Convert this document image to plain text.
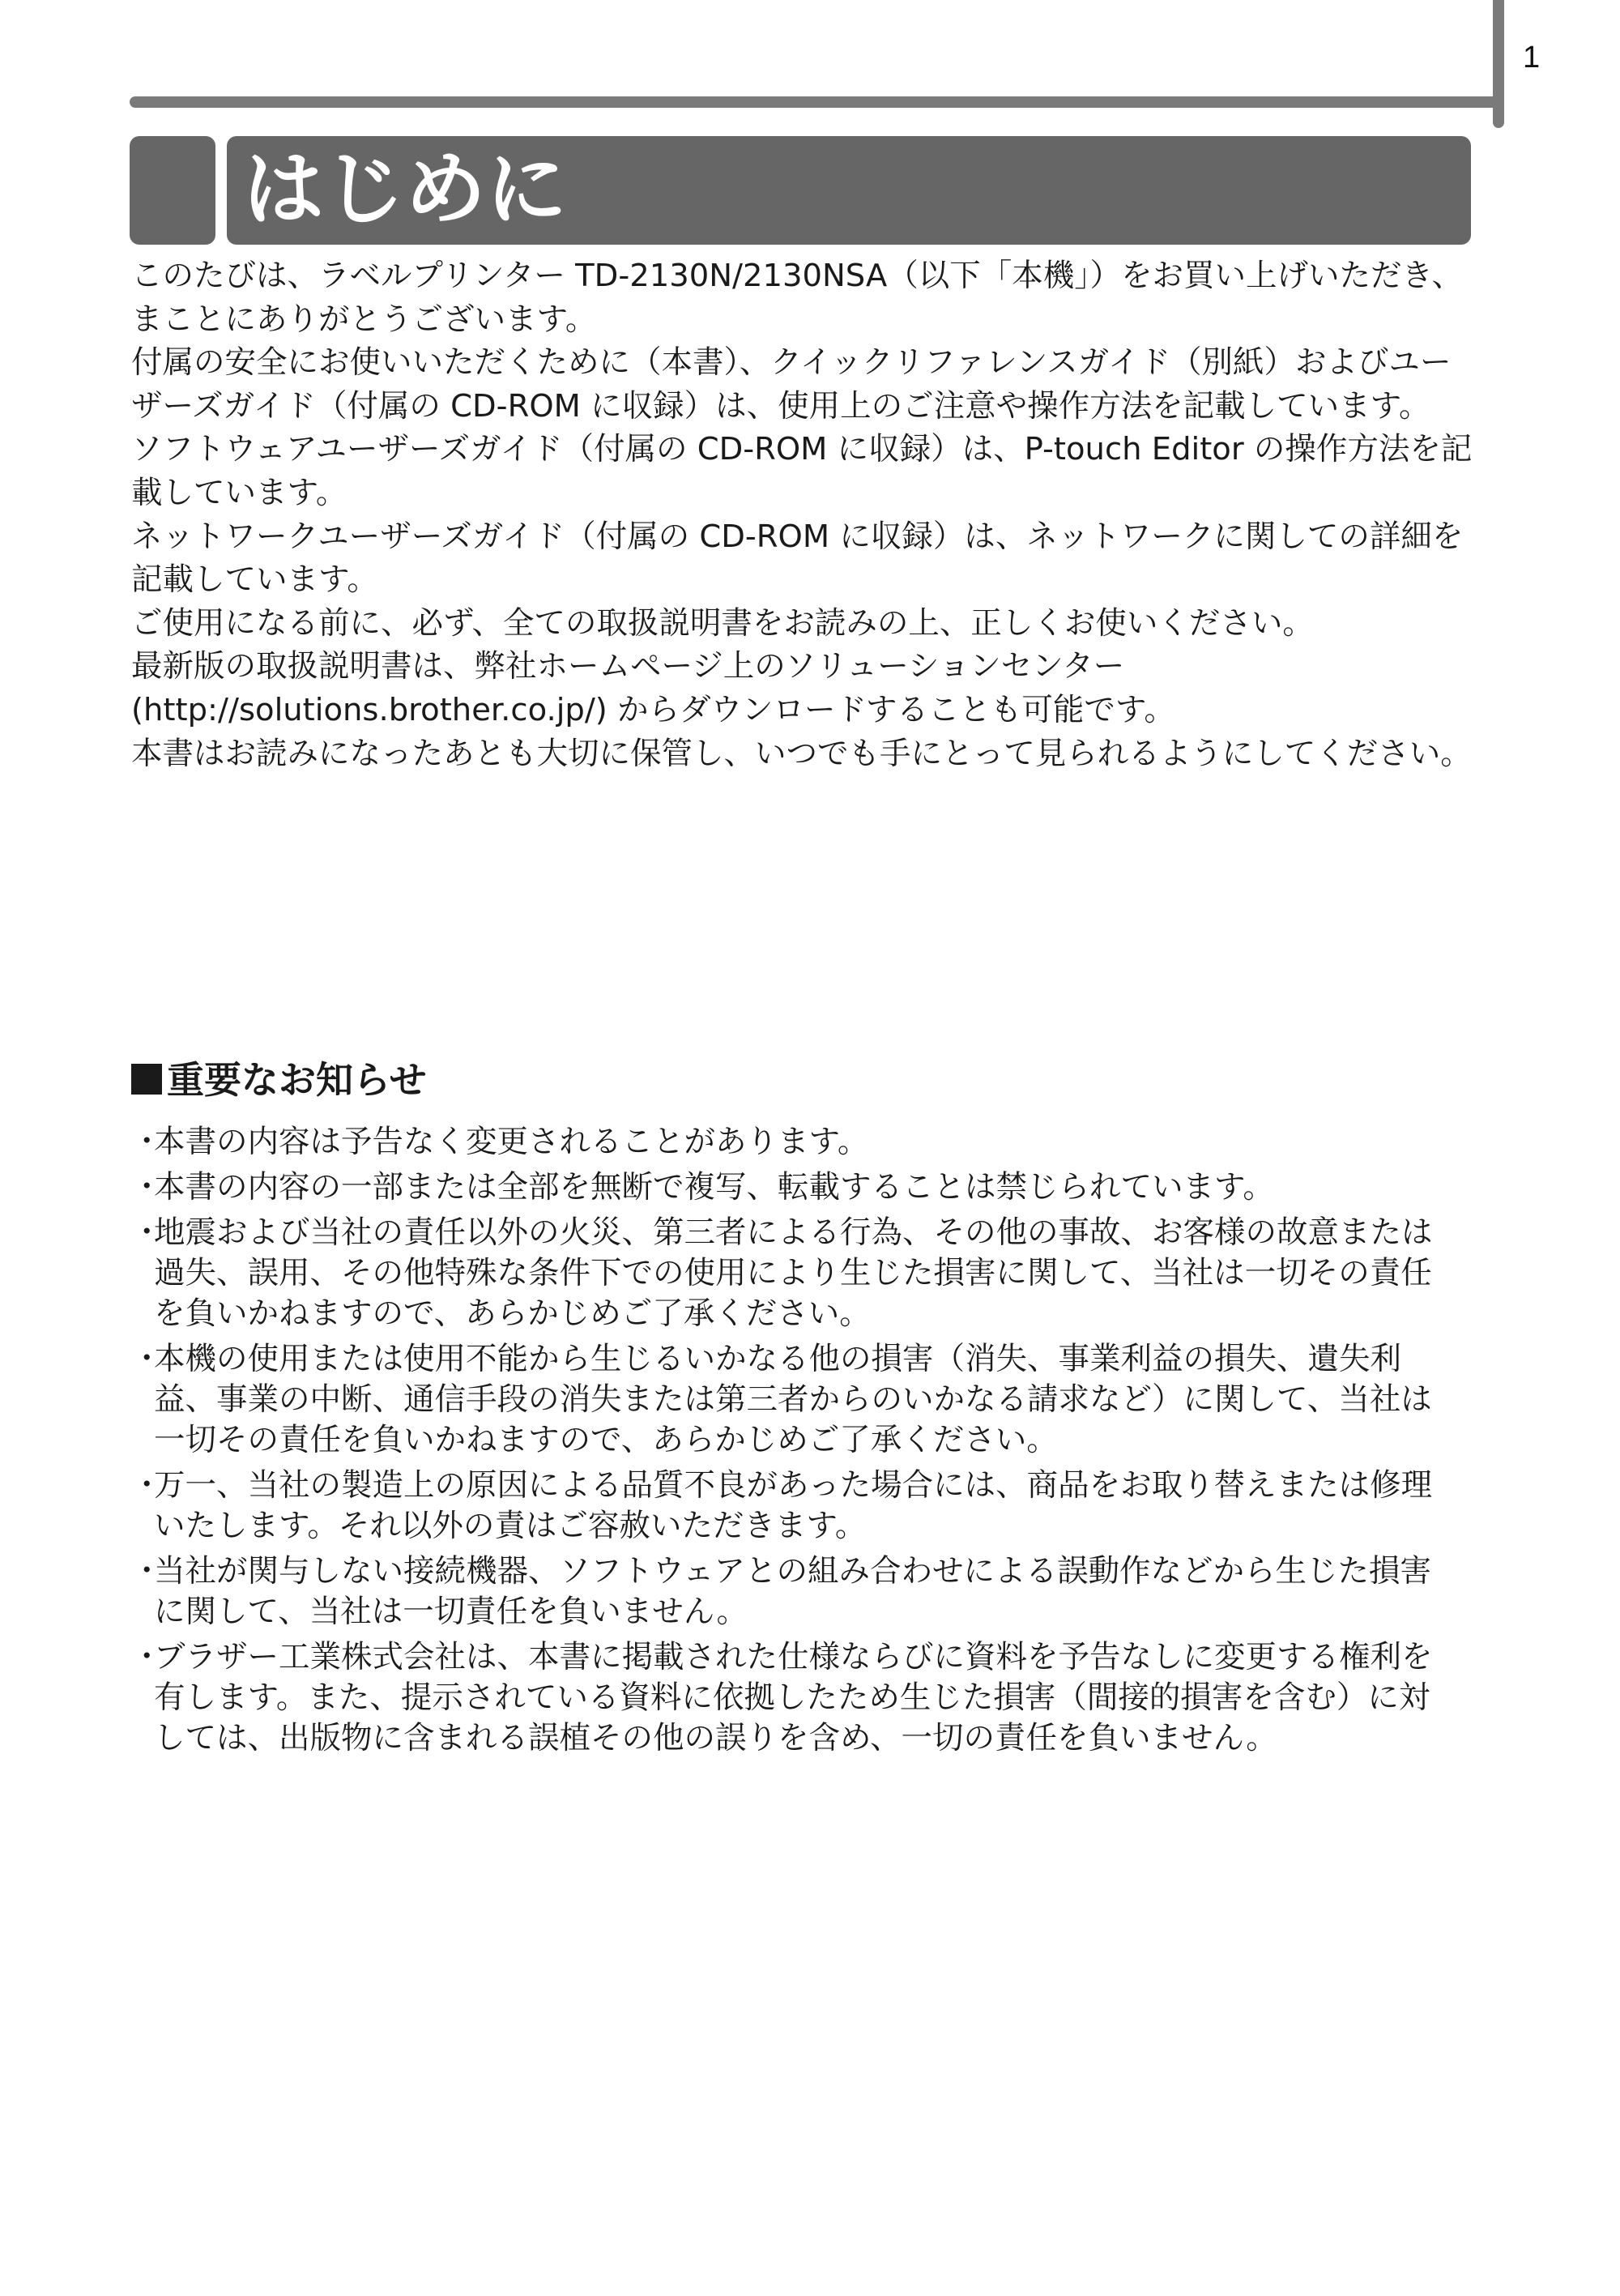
1
はじめに

このたびは、ラベルプリンター TD-2130N/2130NSA（以下「本機」）をお買い上げいただき、まことにありがとうございます。

付属の安全にお使いいただくために（本書）、クイックリファレンスガイド（別紙）およびユーザーズガイド（付属の CD-ROM に収録）は、使用上のご注意や操作方法を記載しています。

ソフトウェアユーザーズガイド（付属の CD-ROM に収録）は、P-touch Editor の操作方法を記載しています。

ネットワークユーザーズガイド（付属の CD-ROM に収録）は、ネットワークに関しての詳細を記載しています。

ご使用になる前に、必ず、全ての取扱説明書をお読みの上、正しくお使いください。

最新版の取扱説明書は、弊社ホームページ上のソリューションセンター (http://solutions.brother.co.jp/) からダウンロードすることも可能です。

本書はお読みになったあとも大切に保管し、いつでも手にとって見られるようにしてください。

重要なお知らせ
・
本書の内容は予告なく変更されることがあります。
・
本書の内容の一部または全部を無断で複写、転載することは禁じられています。
・
地震および当社の責任以外の火災、第三者による行為、その他の事故、お客様の故意または過失、誤用、その他特殊な条件下での使用により生じた損害に関して、当社は一切その責任を負いかねますので、あらかじめご了承ください。
・
本機の使用または使用不能から生じるいかなる他の損害（消失、事業利益の損失、遺失利益、事業の中断、通信手段の消失または第三者からのいかなる請求など）に関して、当社は一切その責任を負いかねますので、あらかじめご了承ください。
・
万一、当社の製造上の原因による品質不良があった場合には、商品をお取り替えまたは修理いたします。それ以外の責はご容赦いただきます。
・
当社が関与しない接続機器、ソフトウェアとの組み合わせによる誤動作などから生じた損害に関して、当社は一切責任を負いません。
・
ブラザー工業株式会社は、本書に掲載された仕様ならびに資料を予告なしに変更する権利を有します。また、提示されている資料に依拠したため生じた損害（間接的損害を含む）に対しては、出版物に含まれる誤植その他の誤りを含め、一切の責任を負いません。
